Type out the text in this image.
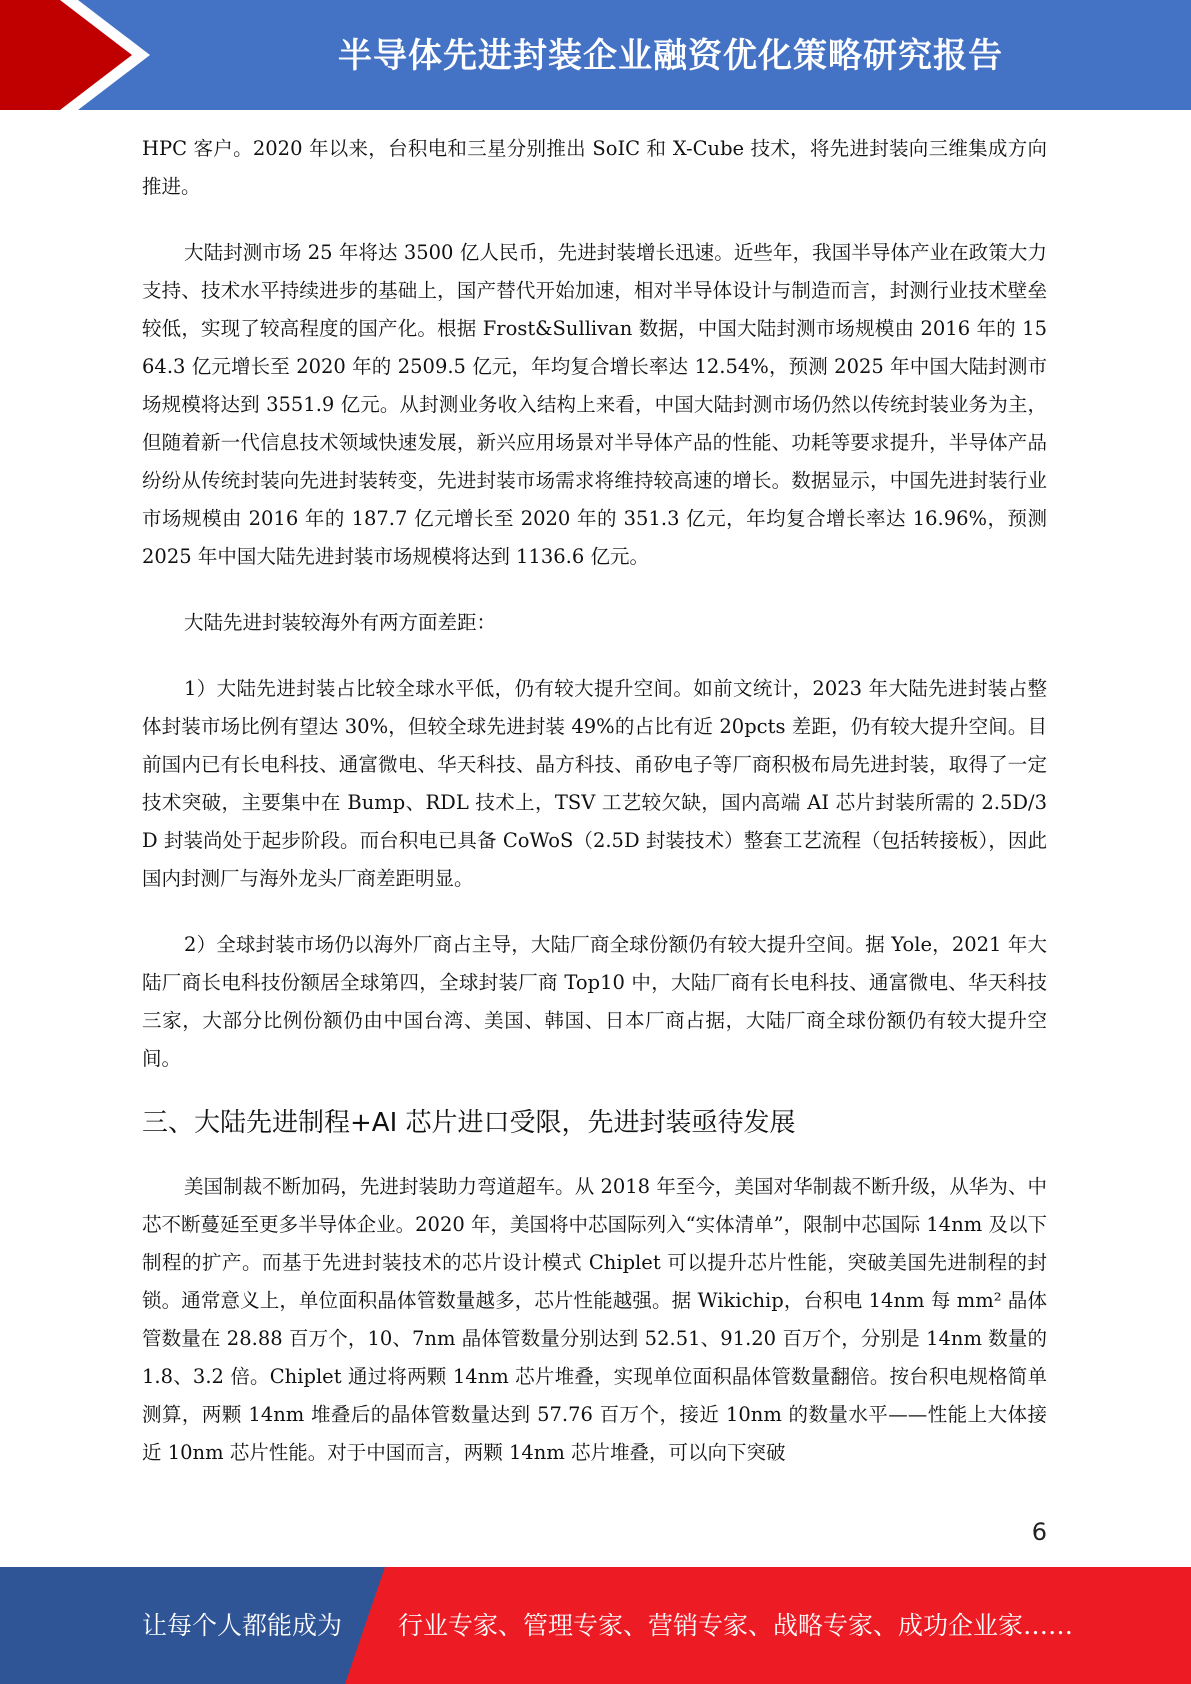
半导体先进封装企业融资优化策略研究报告

HPC 客户。2020 年以来，台积电和三星分别推出 SoIC 和 X-Cube 技术，将先进封装向三维集成方向推进。

大陆封测市场 25 年将达 3500 亿人民币，先进封装增长迅速。近些年，我国半导体产业在政策大力支持、技术水平持续进步的基础上，国产替代开始加速，相对半导体设计与制造而言，封测行业技术壁垒较低，实现了较高程度的国产化。根据 Frost&Sullivan 数据，中国大陆封测市场规模由 2016 年的 1564.3 亿元增长至 2020 年的 2509.5 亿元，年均复合增长率达 12.54%，预测 2025 年中国大陆封测市场规模将达到 3551.9 亿元。从封测业务收入结构上来看，中国大陆封测市场仍然以传统封装业务为主，但随着新一代信息技术领域快速发展，新兴应用场景对半导体产品的性能、功耗等要求提升，半导体产品纷纷从传统封装向先进封装转变，先进封装市场需求将维持较高速的增长。数据显示，中国先进封装行业市场规模由 2016 年的 187.7 亿元增长至 2020 年的 351.3 亿元，年均复合增长率达 16.96%，预测 2025 年中国大陆先进封装市场规模将达到 1136.6 亿元。

大陆先进封装较海外有两方面差距：

1）大陆先进封装占比较全球水平低，仍有较大提升空间。如前文统计，2023 年大陆先进封装占整体封装市场比例有望达 30%，但较全球先进封装 49%的占比有近 20pcts 差距，仍有较大提升空间。目前国内已有长电科技、通富微电、华天科技、晶方科技、甬矽电子等厂商积极布局先进封装，取得了一定技术突破，主要集中在 Bump、RDL 技术上，TSV 工艺较欠缺，国内高端 AI 芯片封装所需的 2.5D/3D 封装尚处于起步阶段。而台积电已具备 CoWoS（2.5D 封装技术）整套工艺流程（包括转接板），因此国内封测厂与海外龙头厂商差距明显。

2）全球封装市场仍以海外厂商占主导，大陆厂商全球份额仍有较大提升空间。据 Yole，2021 年大陆厂商长电科技份额居全球第四，全球封装厂商 Top10 中，大陆厂商有长电科技、通富微电、华天科技三家，大部分比例份额仍由中国台湾、美国、韩国、日本厂商占据，大陆厂商全球份额仍有较大提升空间。

三、大陆先进制程+AI 芯片进口受限，先进封装亟待发展

美国制裁不断加码，先进封装助力弯道超车。从 2018 年至今，美国对华制裁不断升级，从华为、中芯不断蔓延至更多半导体企业。2020 年，美国将中芯国际列入“实体清单”，限制中芯国际 14nm 及以下制程的扩产。而基于先进封装技术的芯片设计模式 Chiplet 可以提升芯片性能，突破美国先进制程的封锁。通常意义上，单位面积晶体管数量越多，芯片性能越强。据 Wikichip，台积电 14nm 每 mm² 晶体管数量在 28.88 百万个，10、7nm 晶体管数量分别达到 52.51、91.20 百万个，分别是 14nm 数量的 1.8、3.2 倍。Chiplet 通过将两颗 14nm 芯片堆叠，实现单位面积晶体管数量翻倍。按台积电规格简单测算，两颗 14nm 堆叠后的晶体管数量达到 57.76 百万个，接近 10nm 的数量水平——性能上大体接近 10nm 芯片性能。对于中国而言，两颗 14nm 芯片堆叠，可以向下突破

6
让每个人都能成为 行业专家、管理专家、营销专家、战略专家、成功企业家……
